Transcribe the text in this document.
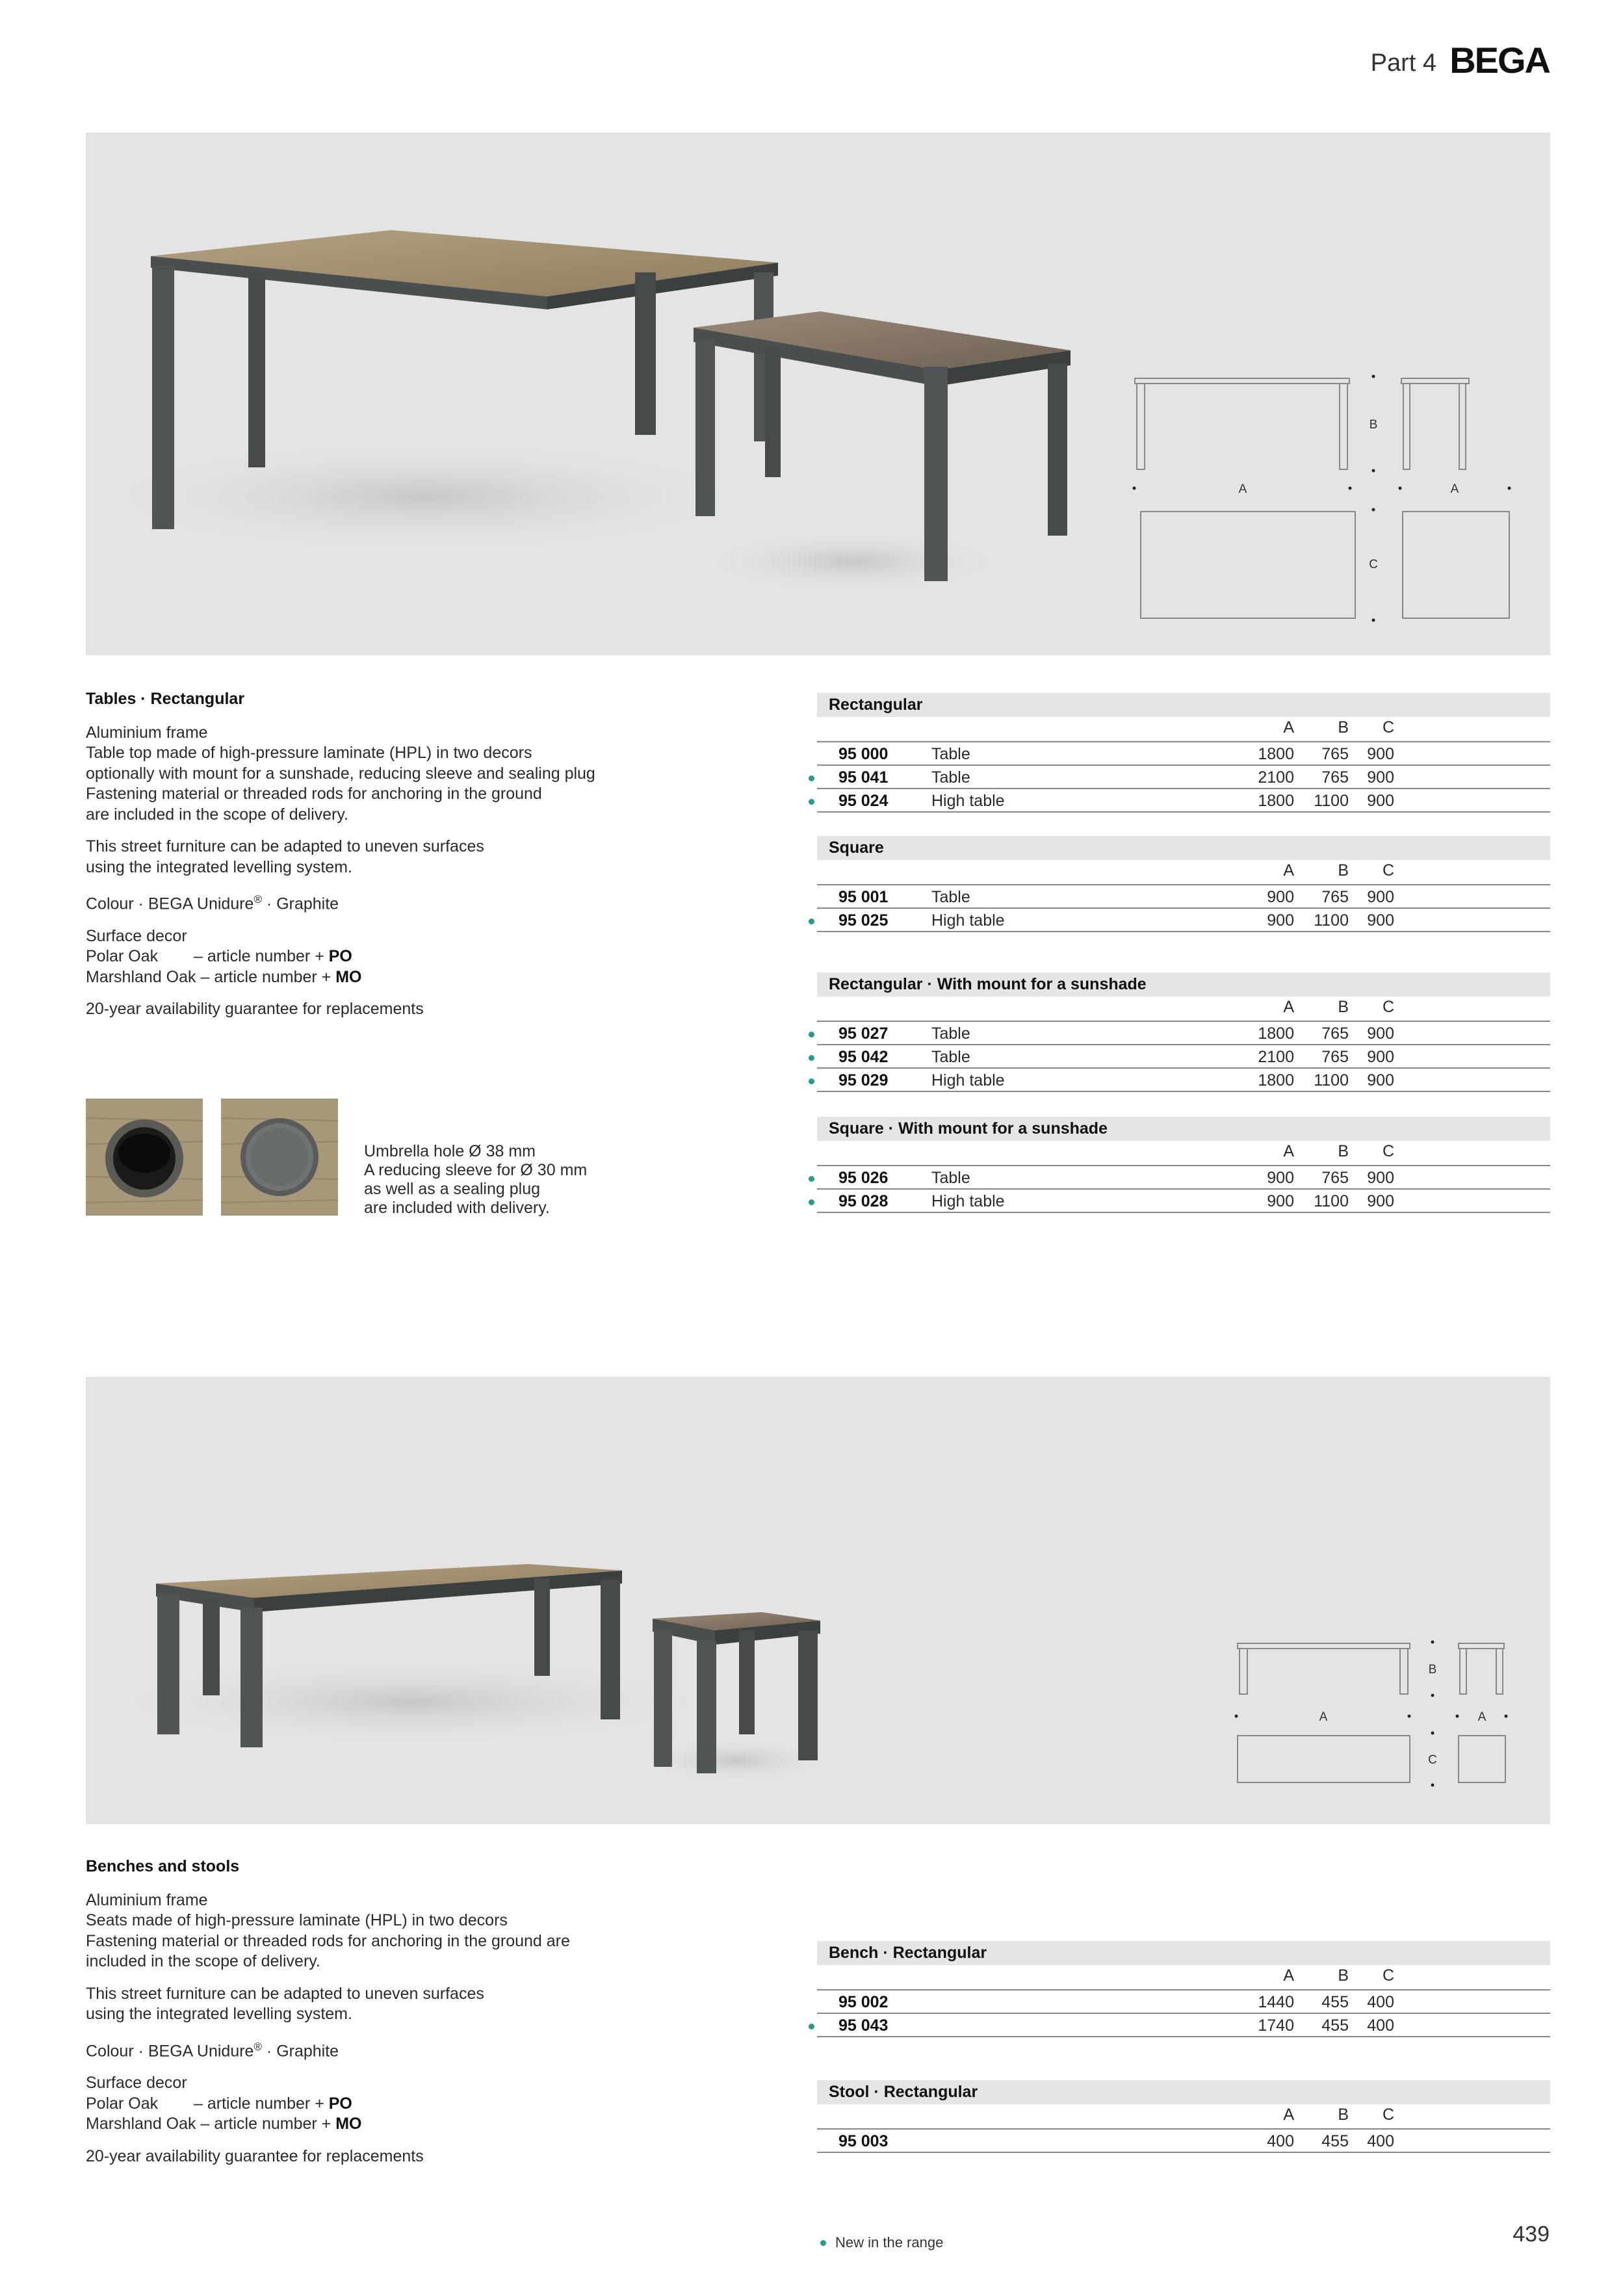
Part 4 BEGA
B
A	A
C

Tables · Rectangular

Aluminium frame
Table top made of high-pressure laminate (HPL) in two decors
optionally with mount for a sunshade, reducing sleeve and sealing plug
Fastening material or threaded rods for anchoring in the ground
are included in the scope of delivery.

This street furniture can be adapted to uneven surfaces
using the integrated levelling system.

Colour · BEGA Unidure® · Graphite

Surface decor
Polar Oak – article number + PO
Marshland Oak – article number + MO

20-year availability guarantee for replacements

Umbrella hole Ø 38 mm
A reducing sleeve for Ø 30 mm
as well as a sealing plug
are included with delivery.
Rectangular
A	B C
95 000	Table	1800 765 900
95 041	Table	2100 765 900
95 024	High table	1800 1100 900
Square
A	B C
95 001	Table	900 765 900
95 025	High table	900 1100 900
Rectangular · With mount for a sunshade
A	B C
95 027	Table	1800 765 900
95 042	Table	2100 765 900
95 029	High table	1800 1100 900
Square · With mount for a sunshade
A	B C
95 026	Table	900 765 900
95 028	High table	900 1100 900
B
A	A
C

Benches and stools

Aluminium frame
Seats made of high-pressure laminate (HPL) in two decors
Fastening material or threaded rods for anchoring in the ground are
included in the scope of delivery.

This street furniture can be adapted to uneven surfaces
using the integrated levelling system.

Colour · BEGA Unidure® · Graphite

Surface decor
Polar Oak – article number + PO
Marshland Oak – article number + MO

20-year availability guarantee for replacements

Bench · Rectangular
A	B C
95 002	1440 455 400
95 043	1740 455 400
Stool · Rectangular
A	B C
95 003	400 455 400
New in the range	439
